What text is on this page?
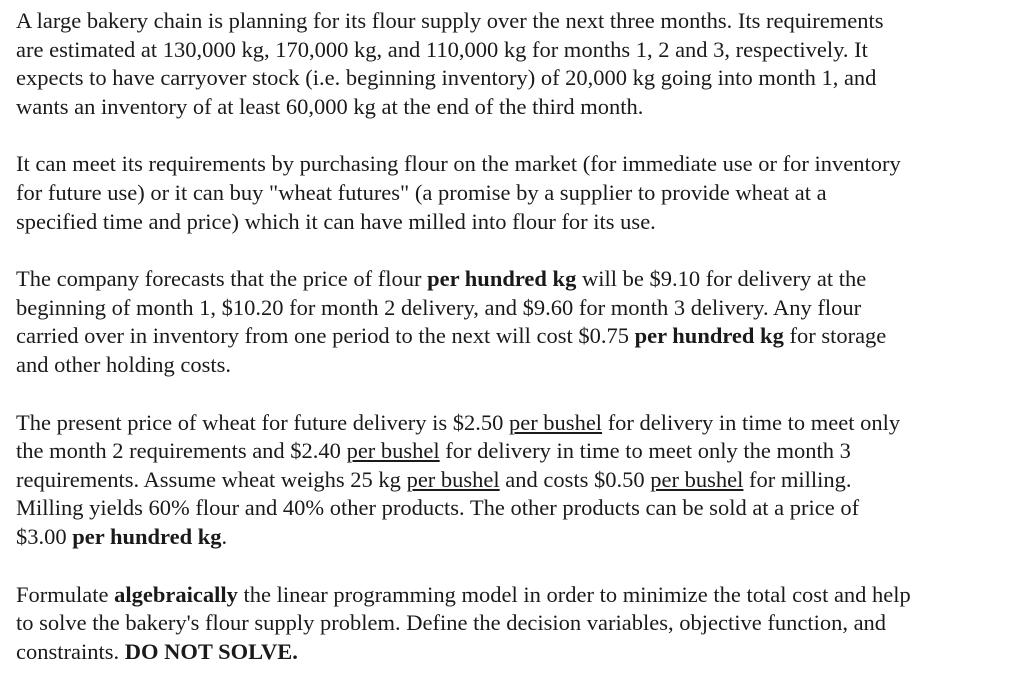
A large bakery chain is planning for its flour supply over the next three months. Its requirements
are estimated at 130,000 kg, 170,000 kg, and 110,000 kg for months 1, 2 and 3, respectively. It
expects to have carryover stock (i.e. beginning inventory) of 20,000 kg going into month 1, and
wants an inventory of at least 60,000 kg at the end of the third month.

It can meet its requirements by purchasing flour on the market (for immediate use or for inventory
for future use) or it can buy "wheat futures" (a promise by a supplier to provide wheat at a
specified time and price) which it can have milled into flour for its use.

The company forecasts that the price of flour per hundred kg will be $9.10 for delivery at the
beginning of month 1, $10.20 for month 2 delivery, and $9.60 for month 3 delivery. Any flour
carried over in inventory from one period to the next will cost $0.75 per hundred kg for storage
and other holding costs.

The present price of wheat for future delivery is $2.50 per bushel for delivery in time to meet only
the month 2 requirements and $2.40 per bushel for delivery in time to meet only the month 3
requirements. Assume wheat weighs 25 kg per bushel and costs $0.50 per bushel for milling.
Milling yields 60% flour and 40% other products. The other products can be sold at a price of
$3.00 per hundred kg.

Formulate algebraically the linear programming model in order to minimize the total cost and help
to solve the bakery's flour supply problem. Define the decision variables, objective function, and
constraints. DO NOT SOLVE.
